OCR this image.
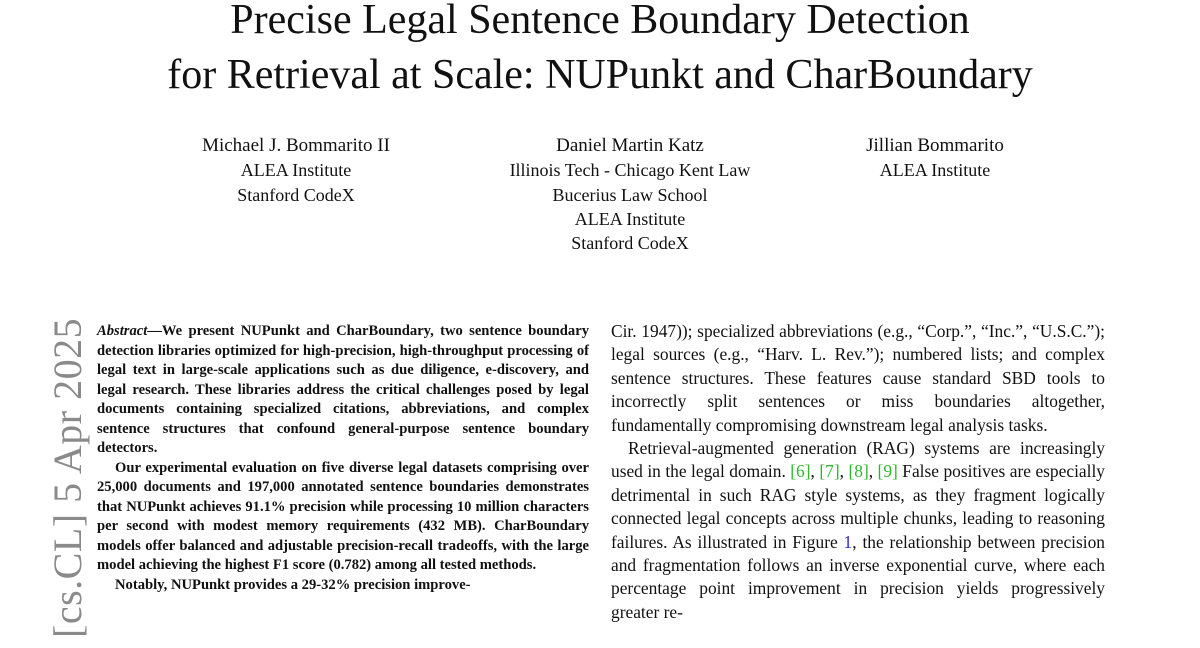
Precise Legal Sentence Boundary Detection
for Retrieval at Scale: NUPunkt and CharBoundary
Michael J. Bommarito II
ALEA Institute
Stanford CodeX
Daniel Martin Katz
Illinois Tech - Chicago Kent Law
Bucerius Law School
ALEA Institute
Stanford CodeX
Jillian Bommarito
ALEA Institute
[cs.CL] 5 Apr 2025 Abstract—We present NUPunkt and CharBoundary, two sentence boundary detection libraries optimized for high-precision, high-throughput processing of legal text in large-scale applications such as due diligence, e-discovery, and legal research. These libraries address the critical challenges posed by legal documents containing specialized citations, abbreviations, and complex sentence structures that confound general-purpose sentence boundary detectors.

Our experimental evaluation on five diverse legal datasets comprising over 25,000 documents and 197,000 annotated sentence boundaries demonstrates that NUPunkt achieves 91.1% precision while processing 10 million characters per second with modest memory requirements (432 MB). CharBoundary models offer balanced and adjustable precision-recall tradeoffs, with the large model achieving the highest F1 score (0.782) among all tested methods.

Notably, NUPunkt provides a 29-32% precision improve-

Cir. 1947)); specialized abbreviations (e.g., “Corp.”, “Inc.”, “U.S.C.”); legal sources (e.g., “Harv. L. Rev.”); numbered lists; and complex sentence structures. These features cause standard SBD tools to incorrectly split sentences or miss boundaries altogether, fundamentally compromising downstream legal analysis tasks.

Retrieval-augmented generation (RAG) systems are increasingly used in the legal domain. [6], [7], [8], [9] False positives are especially detrimental in such RAG style systems, as they fragment logically connected legal concepts across multiple chunks, leading to reasoning failures. As illustrated in Figure 1, the relationship between precision and fragmentation follows an inverse exponential curve, where each percentage point improvement in precision yields progressively greater re-
